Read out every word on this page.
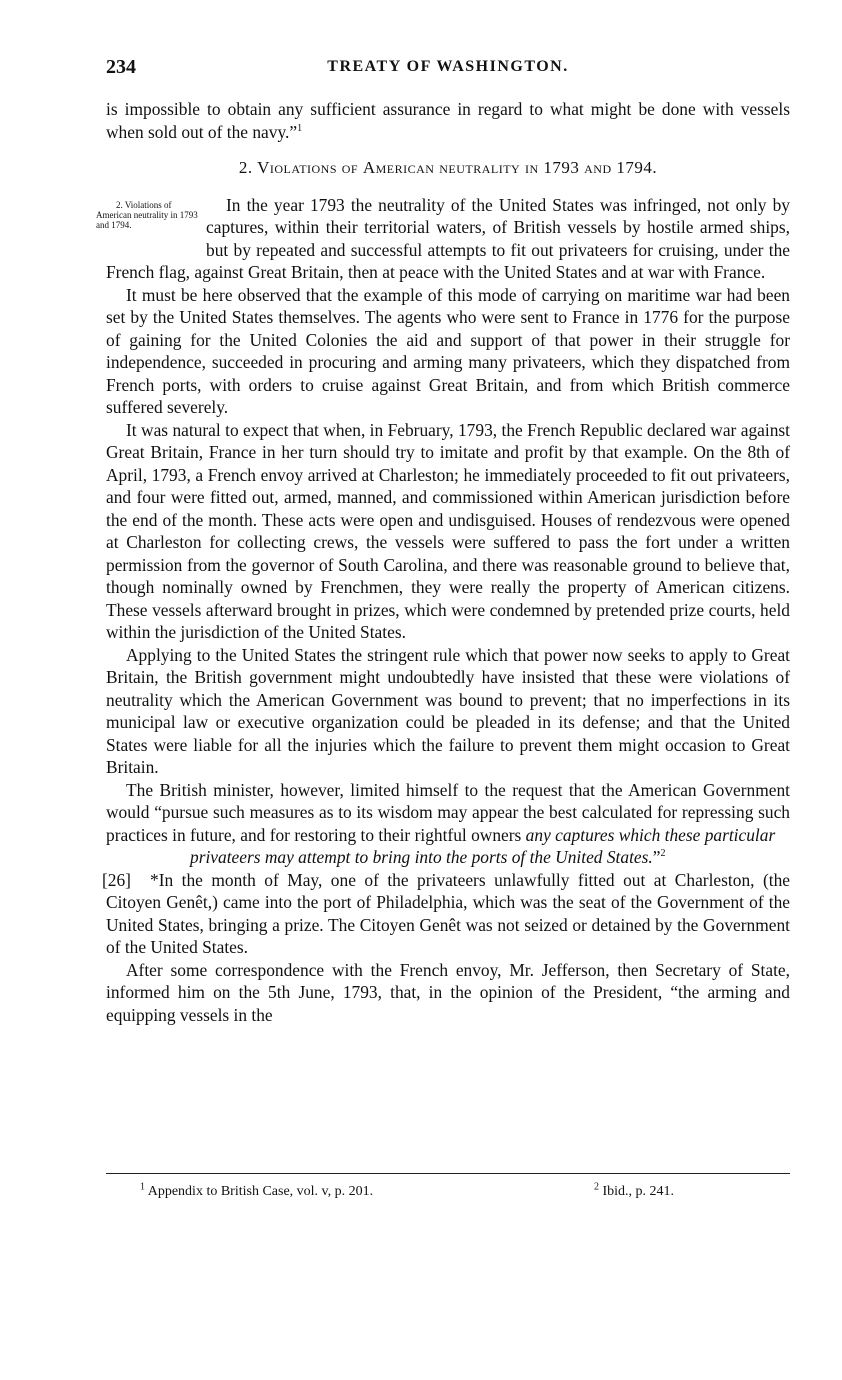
234	TREATY OF WASHINGTON.

is impossible to obtain any sufficient assurance in regard to what might be done with vessels when sold out of the navy.”$^1$

2. Violations of American neutrality in 1793 and 1794.

2. Violations of American neutrality in 1793 and 1794.
In the year 1793 the neutrality of the United States was infringed, not only by captures, within their territorial waters, of British vessels by hostile armed ships, but by repeated and successful attempts to fit out privateers for cruising, under the French flag, against Great Britain, then at peace with the United States and at war with France.

It must be here observed that the example of this mode of carrying on maritime war had been set by the United States themselves. The agents who were sent to France in 1776 for the purpose of gaining for the United Colonies the aid and support of that power in their struggle for independence, succeeded in procuring and arming many privateers, which they dispatched from French ports, with orders to cruise against Great Britain, and from which British commerce suffered severely.

It was natural to expect that when, in February, 1793, the French Republic declared war against Great Britain, France in her turn should try to imitate and profit by that example. On the 8th of April, 1793, a French envoy arrived at Charleston; he immediately proceeded to fit out privateers, and four were fitted out, armed, manned, and commissioned within American jurisdiction before the end of the month. These acts were open and undisguised. Houses of rendezvous were opened at Charleston for collecting crews, the vessels were suffered to pass the fort under a written permission from the governor of South Carolina, and there was reasonable ground to believe that, though nominally owned by Frenchmen, they were really the property of American citizens. These vessels afterward brought in prizes, which were condemned by pretended prize courts, held within the jurisdiction of the United States.

Applying to the United States the stringent rule which that power now seeks to apply to Great Britain, the British government might undoubtedly have insisted that these were violations of neutrality which the American Government was bound to prevent; that no imperfections in its municipal law or executive organization could be pleaded in its defense; and that the United States were liable for all the injuries which the failure to prevent them might occasion to Great Britain.

The British minister, however, limited himself to the request that the American Government would “pursue such measures as to its wisdom may appear the best calculated for repressing such practices in future, and for restoring to their rightful owners any captures which these particular

privateers may attempt to bring into the ports of the United States.”$^2$

[26] *In the month of May, one of the privateers unlawfully fitted out at Charleston, (the Citoyen Genêt,) came into the port of Philadelphia, which was the seat of the Government of the United States, bringing a prize. The Citoyen Genêt was not seized or detained by the Government of the United States.

After some correspondence with the French envoy, Mr. Jefferson, then Secretary of State, informed him on the 5th June, 1793, that, in the opinion of the President, “the arming and equipping vessels in the

$^1$ Appendix to British Case, vol. v, p. 201.	$^2$ Ibid., p. 241.
